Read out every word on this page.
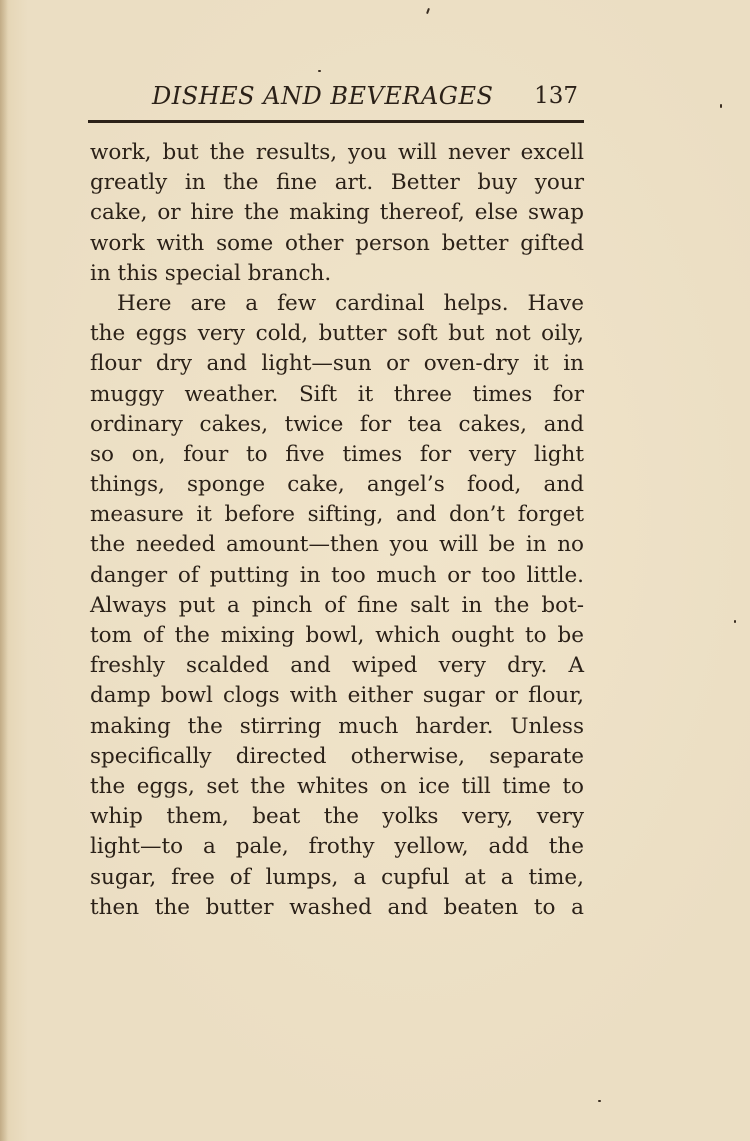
DISHES AND BEVERAGES 137
work, but the results, you will never excell
greatly in the fine art. Better buy your
cake, or hire the making thereof, else swap
work with some other person better gifted
in this special branch.
Here are a few cardinal helps. Have
the eggs very cold, butter soft but not oily,
flour dry and light—sun or oven-dry it in
muggy weather. Sift it three times for
ordinary cakes, twice for tea cakes, and
so on, four to five times for very light
things, sponge cake, angel’s food, and
measure it before sifting, and don’t forget
the needed amount—then you will be in no
danger of putting in too much or too little.
Always put a pinch of fine salt in the bot-
tom of the mixing bowl, which ought to be
freshly scalded and wiped very dry. A
damp bowl clogs with either sugar or flour,
making the stirring much harder. Unless
specifically directed otherwise, separate
the eggs, set the whites on ice till time to
whip them, beat the yolks very, very
light—to a pale, frothy yellow, add the
sugar, free of lumps, a cupful at a time,
then the butter washed and beaten to a
